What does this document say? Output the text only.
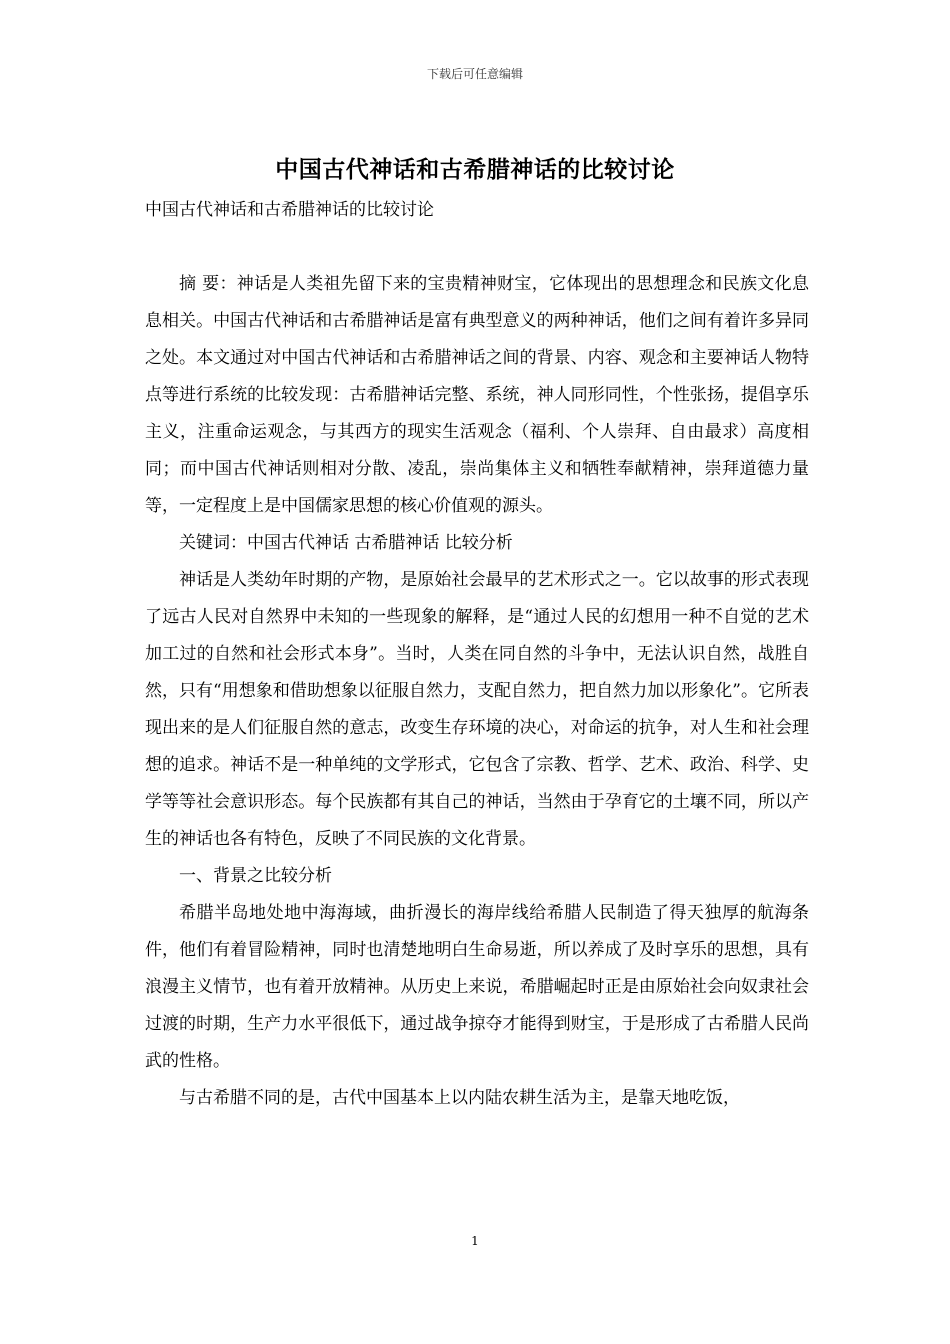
下载后可任意编辑
中国古代神话和古希腊神话的比较讨论

中国古代神话和古希腊神话的比较讨论

摘 要：神话是人类祖先留下来的宝贵精神财宝，它体现出的思想理念和民族文化息息相关。中国古代神话和古希腊神话是富有典型意义的两种神话，他们之间有着许多异同之处。本文通过对中国古代神话和古希腊神话之间的背景、内容、观念和主要神话人物特点等进行系统的比较发现：古希腊神话完整、系统，神人同形同性，个性张扬，提倡享乐主义，注重命运观念，与其西方的现实生活观念（福利、个人崇拜、自由最求）高度相同；而中国古代神话则相对分散、凌乱，崇尚集体主义和牺牲奉献精神，崇拜道德力量等，一定程度上是中国儒家思想的核心价值观的源头。

关键词：中国古代神话 古希腊神话 比较分析

神话是人类幼年时期的产物，是原始社会最早的艺术形式之一。它以故事的形式表现了远古人民对自然界中未知的一些现象的解释，是“通过人民的幻想用一种不自觉的艺术加工过的自然和社会形式本身”。当时，人类在同自然的斗争中，无法认识自然，战胜自然，只有“用想象和借助想象以征服自然力，支配自然力，把自然力加以形象化”。它所表现出来的是人们征服自然的意志，改变生存环境的决心，对命运的抗争，对人生和社会理想的追求。神话不是一种单纯的文学形式，它包含了宗教、哲学、艺术、政治、科学、史学等等社会意识形态。每个民族都有其自己的神话，当然由于孕育它的土壤不同，所以产生的神话也各有特色，反映了不同民族的文化背景。

一、背景之比较分析

希腊半岛地处地中海海域，曲折漫长的海岸线给希腊人民制造了得天独厚的航海条件，他们有着冒险精神，同时也清楚地明白生命易逝，所以养成了及时享乐的思想，具有浪漫主义情节，也有着开放精神。从历史上来说，希腊崛起时正是由原始社会向奴隶社会过渡的时期，生产力水平很低下，通过战争掠夺才能得到财宝，于是形成了古希腊人民尚武的性格。

与古希腊不同的是，古代中国基本上以内陆农耕生活为主，是靠天地吃饭，

1
